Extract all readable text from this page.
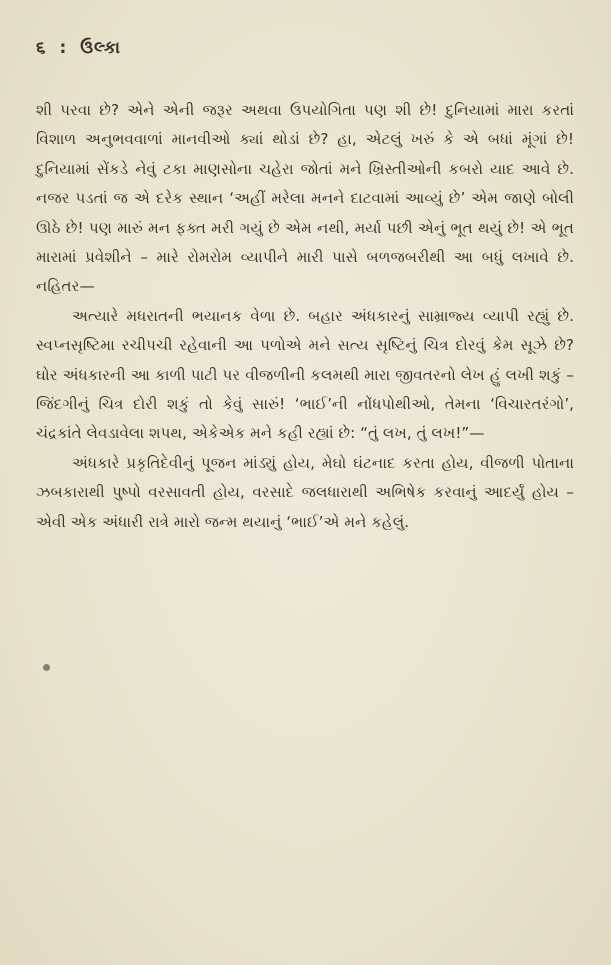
૬ : ઉલ્કા

શી પરવા છે? એને એની જરૂર અથવા ઉપયોગિતા પણ શી છે! દુનિયામાં મારા કરતાં વિશાળ અનુભવવાળાં માનવીઓ ક્યાં થોડાં છે? હા, એટલું ખરું કે એ બધાં મૂંગાં છે! દુનિયામાં સેંકડે નેવું ટકા માણસોના ચહેરા જોતાં મને ખ્રિસ્તીઓની કબરો યાદ આવે છે. નજર પડતાં જ એ દરેક સ્થાન ‘અહીં મરેલા મનને દાટવામાં આવ્યું છે’ એમ જાણે બોલી ઊઠે છે! પણ મારું મન ફક્ત મરી ગયું છે એમ નથી, મર્યા પછી એનું ભૂત થયું છે! એ ભૂત મારામાં પ્રવેશીને – મારે રોમરોમ વ્યાપીને મારી પાસે બળજબરીથી આ બધું લખાવે છે. નહિતર—

અત્યારે મધરાતની ભયાનક વેળા છે. બહાર અંધકારનું સામ્રાજ્ય વ્યાપી રહ્યું છે. સ્વપ્નસૃષ્ટિમા રચીપચી રહેવાની આ પળોએ મને સત્ય સૃષ્ટિનું ચિત્ર દોરવું કેમ સૂઝે છે? ઘોર અંધકારની આ કાળી પાટી પર વીજળીની કલમથી મારા જીવતરનો લેખ હું લખી શકું – જિંદગીનું ચિત્ર દોરી શકું તો કેવું સારું! ‘ભાઈ’ની નોંધપોથીઓ, તેમના ‘વિચારતરંગો’, ચંદ્રકાંતે લેવડાવેલા શપથ, એકેએક મને કહી રહ્યાં છે: “તું લખ, તું લખ!”—

અંધકારે પ્રકૃતિદેવીનું પૂજન માંડ્યું હોય, મેઘો ઘંટનાદ કરતા હોય, વીજળી પોતાના ઝબકારાથી પુષ્પો વરસાવતી હોય, વરસાદે જલધારાથી અભિષેક કરવાનું આદર્યું હોય – એવી એક અંધારી રાત્રે મારો જન્મ થયાનું ‘ભાઈ’એ મને કહેલું.
